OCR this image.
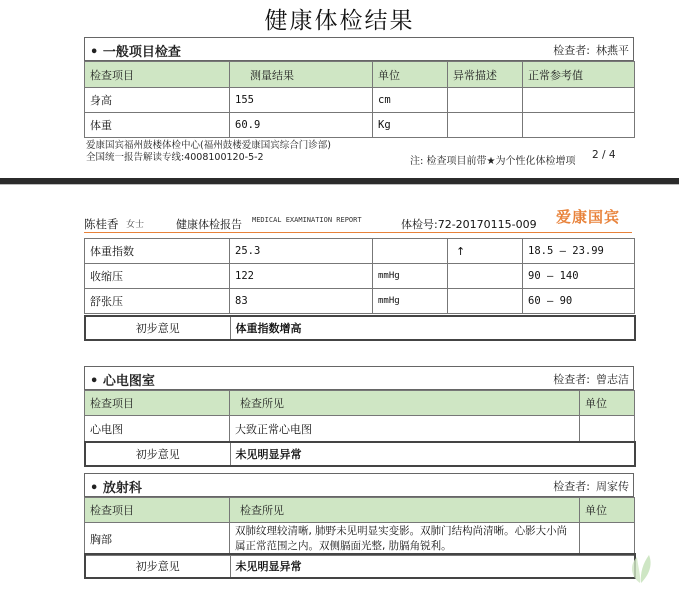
健康体检结果
• 一般项目检查	检查者: 林燕平
检查项目	测量结果	单位	异常描述	正常参考值
身高	155	cm		
体重	60.9	Kg		
爱康国宾福州鼓楼体检中心(福州鼓楼爱康国宾综合门诊部)
全国统一报告解读专线:4008100120-5-2	注: 检查项目前带★为个性化体检增项
2 / 4
陈桂香 女士	健康体检报告 MEDICAL EXAMINATION REPORT	体检号:72-20170115-009 爱康国宾
体重指数	25.3		↑	18.5 — 23.99
收缩压	122	mmHg		90 — 140
舒张压	83	mmHg		60 — 90
初步意见	体重指数增高
• 心电图室	检查者: 曾志洁
检查项目	检查所见	单位
心电图	大致正常心电图	
初步意见	未见明显异常
• 放射科	检查者: 周家传
检查项目	检查所见	单位
胸部	双肺纹理较清晰, 肺野未见明显实变影。双肺门结构尚清晰。心影大小尚属正常范围之内。双侧膈面光整, 肋膈角锐利。	
初步意见	未见明显异常
